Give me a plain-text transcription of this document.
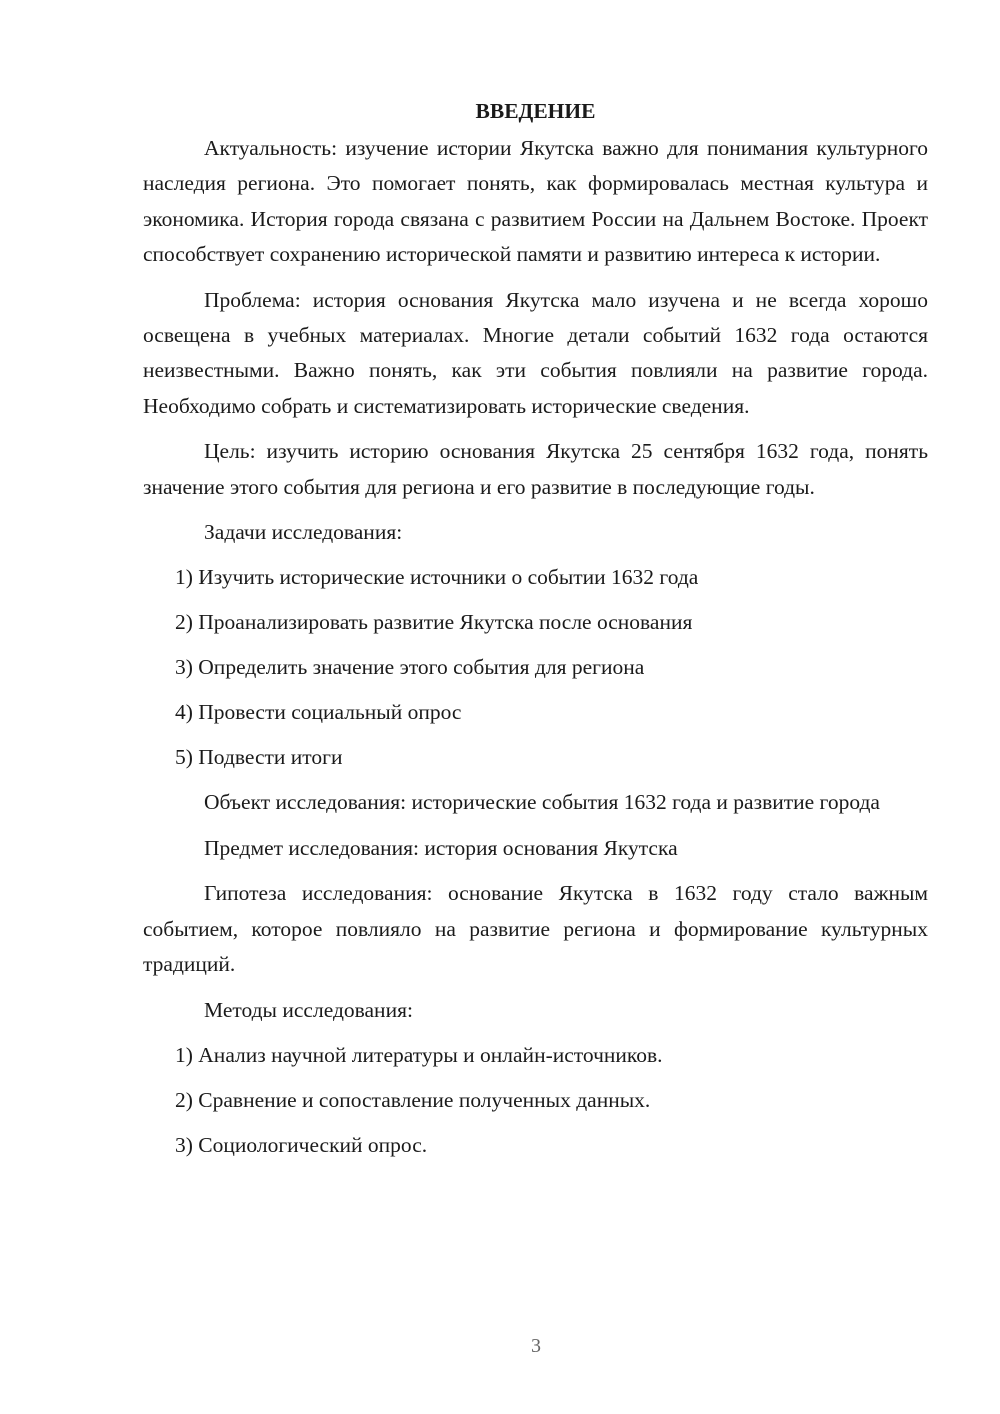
ВВЕДЕНИЕ

Актуальность: изучение истории Якутска важно для понимания культурного наследия региона. Это помогает понять, как формировалась местная культура и экономика. История города связана с развитием России на Дальнем Востоке. Проект способствует сохранению исторической памяти и развитию интереса к истории.

Проблема: история основания Якутска мало изучена и не всегда хорошо освещена в учебных материалах. Многие детали событий 1632 года остаются неизвестными. Важно понять, как эти события повлияли на развитие города. Необходимо собрать и систематизировать исторические сведения.

Цель: изучить историю основания Якутска 25 сентября 1632 года, понять значение этого события для региона и его развитие в последующие годы.

Задачи исследования:

1) Изучить исторические источники о событии 1632 года
2) Проанализировать развитие Якутска после основания
3) Определить значение этого события для региона
4) Провести социальный опрос
5) Подвести итоги

Объект исследования: исторические события 1632 года и развитие города

Предмет исследования: история основания Якутска

Гипотеза исследования: основание Якутска в 1632 году стало важным событием, которое повлияло на развитие региона и формирование культурных традиций.

Методы исследования:

1) Анализ научной литературы и онлайн-источников.
2) Сравнение и сопоставление полученных данных.
3) Социологический опрос.
3
